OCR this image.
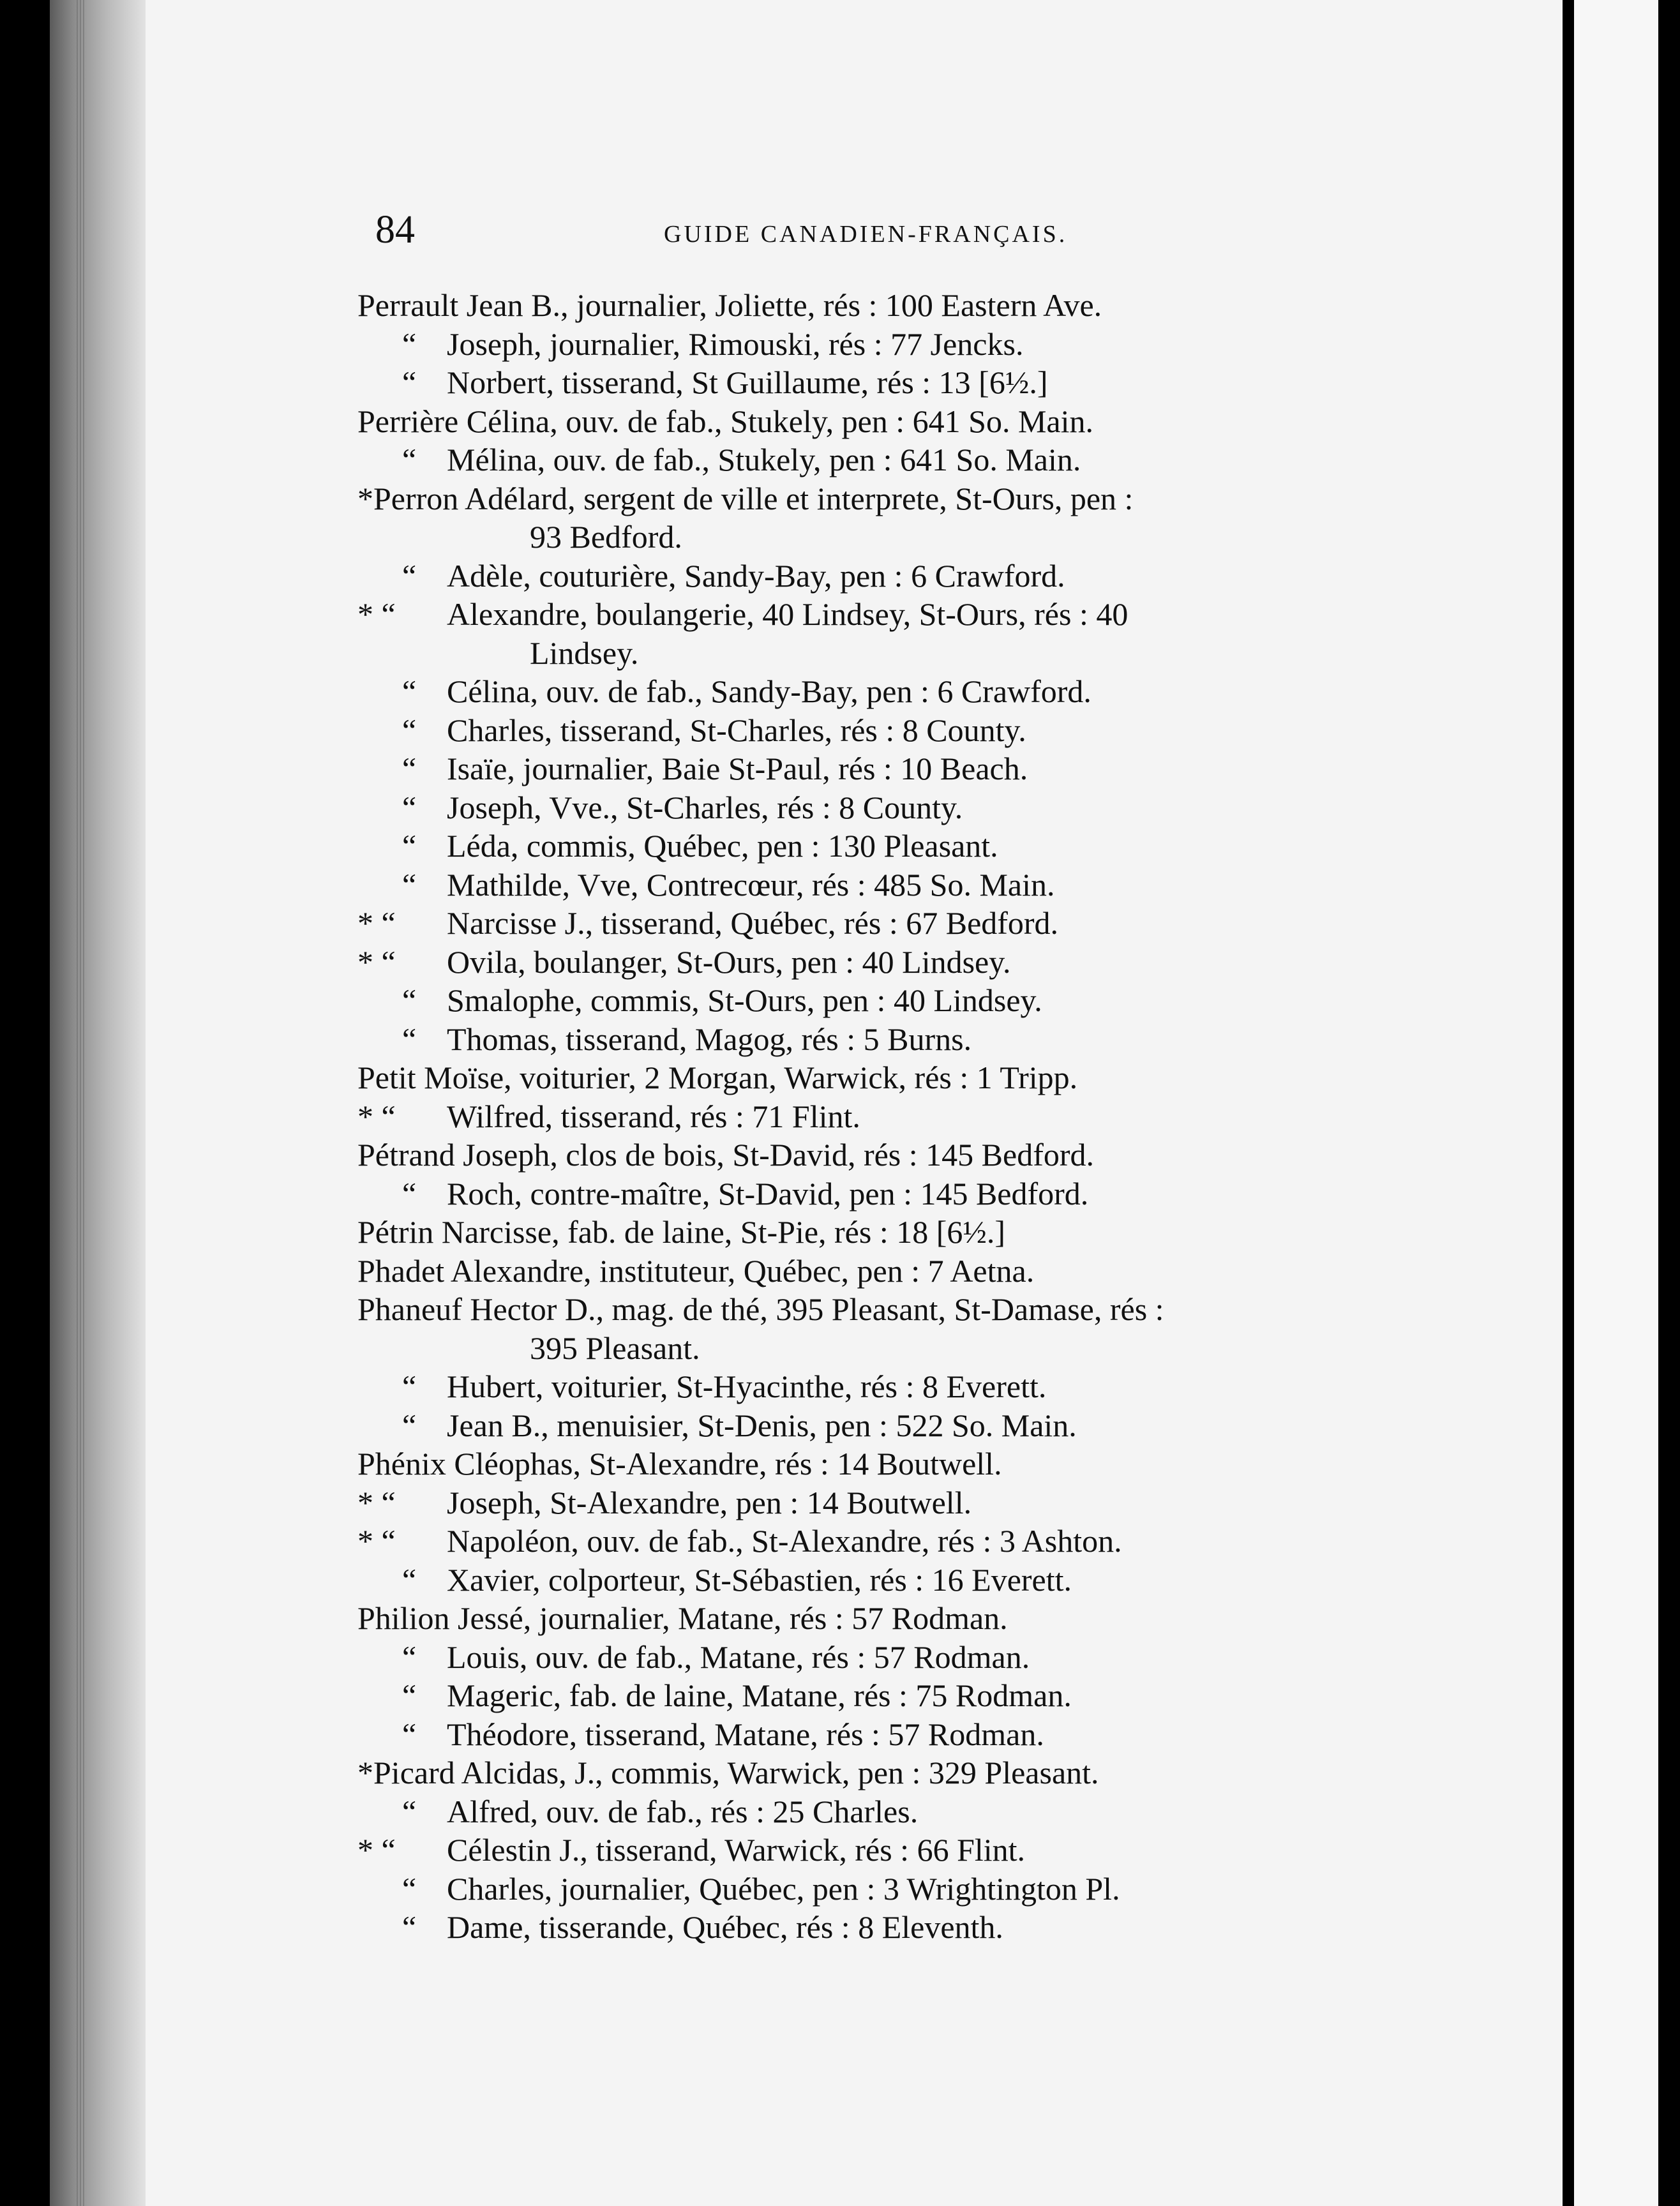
84	GUIDE CANADIEN-FRANÇAIS.
Perrault Jean B., journalier, Joliette, rés : 100 Eastern Ave.
“ Joseph, journalier, Rimouski, rés : 77 Jencks.
“ Norbert, tisserand, St Guillaume, rés : 13 [6½.]
Perrière Célina, ouv. de fab., Stukely, pen : 641 So. Main.
“ Mélina, ouv. de fab., Stukely, pen : 641 So. Main.
*Perron Adélard, sergent de ville et interprete, St-Ours, pen :
93 Bedford.
“ Adèle, couturière, Sandy-Bay, pen : 6 Crawford.
* “ Alexandre, boulangerie, 40 Lindsey, St-Ours, rés : 40
Lindsey.
“ Célina, ouv. de fab., Sandy-Bay, pen : 6 Crawford.
“ Charles, tisserand, St-Charles, rés : 8 County.
“ Isaïe, journalier, Baie St-Paul, rés : 10 Beach.
“ Joseph, Vve., St-Charles, rés : 8 County.
“ Léda, commis, Québec, pen : 130 Pleasant.
“ Mathilde, Vve, Contrecœur, rés : 485 So. Main.
* “ Narcisse J., tisserand, Québec, rés : 67 Bedford.
* “ Ovila, boulanger, St-Ours, pen : 40 Lindsey.
“ Smalophe, commis, St-Ours, pen : 40 Lindsey.
“ Thomas, tisserand, Magog, rés : 5 Burns.
Petit Moïse, voiturier, 2 Morgan, Warwick, rés : 1 Tripp.
* “ Wilfred, tisserand, rés : 71 Flint.
Pétrand Joseph, clos de bois, St-David, rés : 145 Bedford.
“ Roch, contre-maître, St-David, pen : 145 Bedford.
Pétrin Narcisse, fab. de laine, St-Pie, rés : 18 [6½.]
Phadet Alexandre, instituteur, Québec, pen : 7 Aetna.
Phaneuf Hector D., mag. de thé, 395 Pleasant, St-Damase, rés :
395 Pleasant.
“ Hubert, voiturier, St-Hyacinthe, rés : 8 Everett.
“ Jean B., menuisier, St-Denis, pen : 522 So. Main.
Phénix Cléophas, St-Alexandre, rés : 14 Boutwell.
* “ Joseph, St-Alexandre, pen : 14 Boutwell.
* “ Napoléon, ouv. de fab., St-Alexandre, rés : 3 Ashton.
“ Xavier, colporteur, St-Sébastien, rés : 16 Everett.
Philion Jessé, journalier, Matane, rés : 57 Rodman.
“ Louis, ouv. de fab., Matane, rés : 57 Rodman.
“ Mageric, fab. de laine, Matane, rés : 75 Rodman.
“ Théodore, tisserand, Matane, rés : 57 Rodman.
*Picard Alcidas, J., commis, Warwick, pen : 329 Pleasant.
“ Alfred, ouv. de fab., rés : 25 Charles.
* “ Célestin J., tisserand, Warwick, rés : 66 Flint.
“ Charles, journalier, Québec, pen : 3 Wrightington Pl.
“ Dame, tisserande, Québec, rés : 8 Eleventh.
